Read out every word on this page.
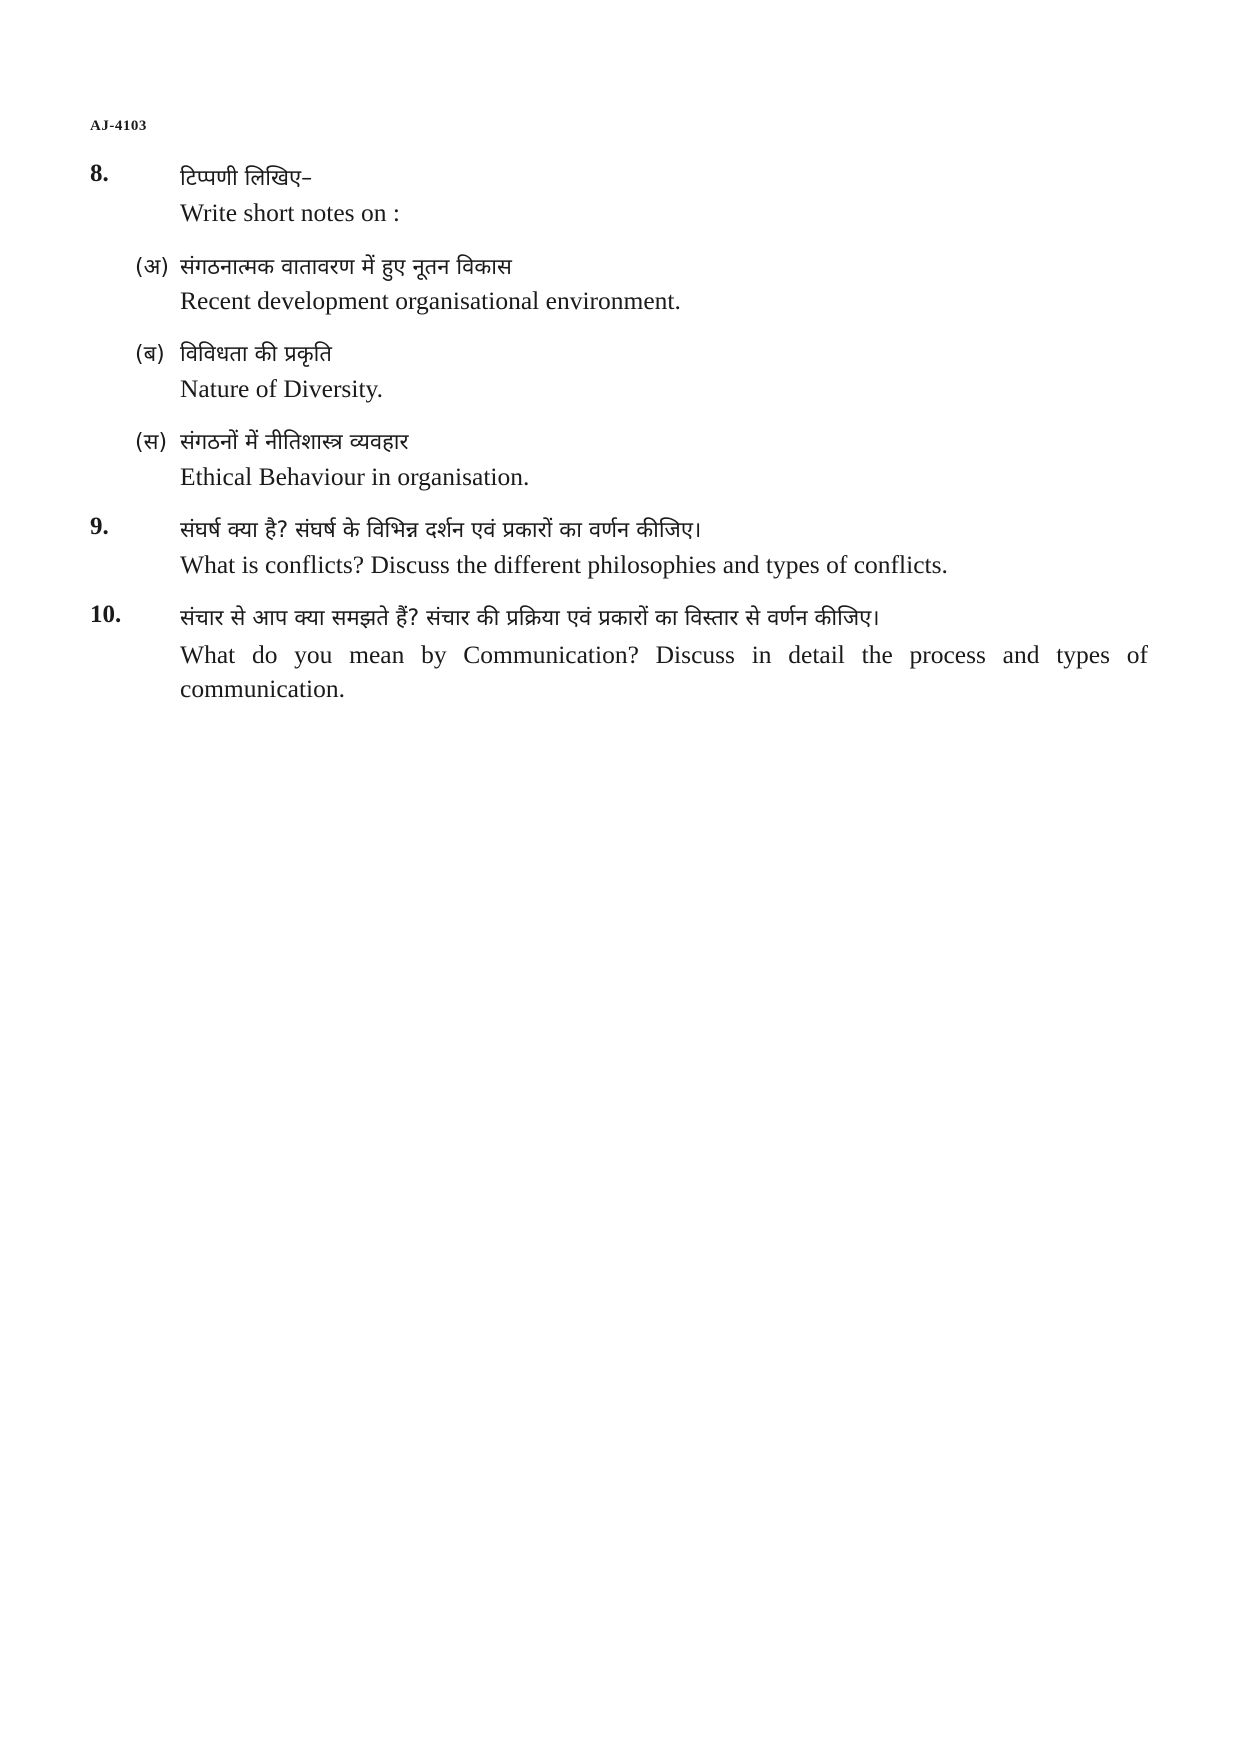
AJ-4103
8.	टिप्पणी लिखिए–
Write short notes on :
(अ) संगठनात्मक वातावरण में हुए नूतन विकास
Recent development organisational environment.
(ब) विविधता की प्रकृति
Nature of Diversity.
(स) संगठनों में नीतिशास्त्र व्यवहार
Ethical Behaviour in organisation.
9.	संघर्ष क्या है? संघर्ष के विभिन्न दर्शन एवं प्रकारों का वर्णन कीजिए।
What is conflicts? Discuss the different philosophies and types of conflicts.
10.	संचार से आप क्या समझते हैं? संचार की प्रक्रिया एवं प्रकारों का विस्तार से वर्णन कीजिए।
What do you mean by Communication? Discuss in detail the process and types of
communication.
